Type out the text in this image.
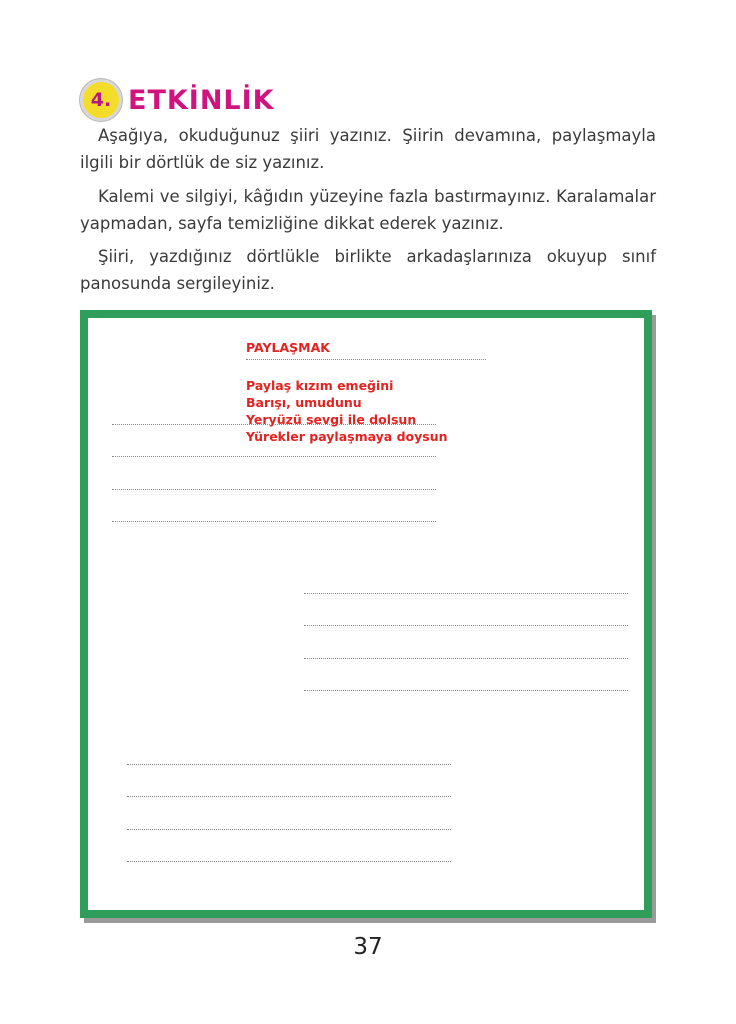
4. ETKİNLİK

Aşağıya, okuduğunuz şiiri yazınız. Şiirin devamına, paylaşmayla ilgili bir dörtlük de siz yazınız.

Kalemi ve silgiyi, kâğıdın yüzeyine fazla bastırmayınız. Karalamalar yapmadan, sayfa temizliğine dikkat ederek yazınız.

Şiiri, yazdığınız dörtlükle birlikte arkadaşlarınıza okuyup sınıf panosunda sergileyiniz.

PAYLAŞMAK
Paylaş kızım emeğini
Barışı, umudunu
Yeryüzü sevgi ile dolsun
Yürekler paylaşmaya doysun
37
